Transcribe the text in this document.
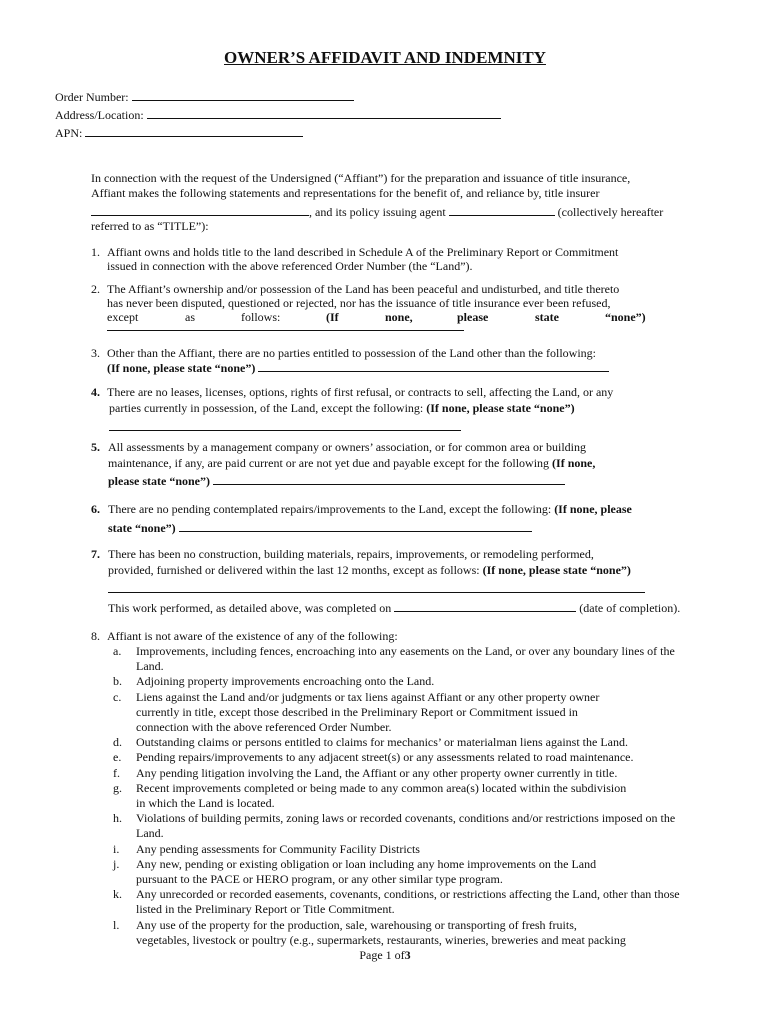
OWNER’S AFFIDAVIT AND INDEMNITY
Order Number:
Address/Location:
APN:
In connection with the request of the Undersigned (“Affiant”) for the preparation and issuance of title insurance,
Affiant makes the following statements and representations for the benefit of, and reliance by, title insurer
, and its policy issuing agent	(collectively hereafter
referred to as “TITLE”):
1. Affiant owns and holds title to the land described in Schedule A of the Preliminary Report or Commitment
issued in connection with the above referenced Order Number (the “Land”).
2. The Affiant’s ownership and/or possession of the Land has been peaceful and undisturbed, and title thereto
has never been disputed, questioned or rejected, nor has the issuance of title insurance ever been refused,
except	as	follows:	(If	none,	please	state	“none”)
3. Other than the Affiant, there are no parties entitled to possession of the Land other than the following:
(If none, please state “none”)
4. There are no leases, licenses, options, rights of first refusal, or contracts to sell, affecting the Land, or any
parties currently in possession, of the Land, except the following: (If none, please state “none”)
5. All assessments by a management company or owners’ association, or for common area or building
maintenance, if any, are paid current or are not yet due and payable except for the following (If none,
please state “none”)
6. There are no pending contemplated repairs/improvements to the Land, except the following: (If none, please
state “none”)
7. There has been no construction, building materials, repairs, improvements, or remodeling performed,
provided, furnished or delivered within the last 12 months, except as follows: (If none, please state “none”)
This work performed, as detailed above, was completed on	(date of completion).
8. Affiant is not aware of the existence of any of the following:
a. Improvements, including fences, encroaching into any easements on the Land, or over any boundary lines of the
Land.
b. Adjoining property improvements encroaching onto the Land.
c. Liens against the Land and/or judgments or tax liens against Affiant or any other property owner
currently in title, except those described in the Preliminary Report or Commitment issued in
connection with the above referenced Order Number.
d. Outstanding claims or persons entitled to claims for mechanics’ or materialman liens against the Land.
e. Pending repairs/improvements to any adjacent street(s) or any assessments related to road maintenance.
f. Any pending litigation involving the Land, the Affiant or any other property owner currently in title.
g. Recent improvements completed or being made to any common area(s) located within the subdivision
in which the Land is located.
h. Violations of building permits, zoning laws or recorded covenants, conditions and/or restrictions imposed on the
Land.
i. Any pending assessments for Community Facility Districts
j. Any new, pending or existing obligation or loan including any home improvements on the Land
pursuant to the PACE or HERO program, or any other similar type program.
k. Any unrecorded or recorded easements, covenants, conditions, or restrictions affecting the Land, other than those
listed in the Preliminary Report or Title Commitment.
l. Any use of the property for the production, sale, warehousing or transporting of fresh fruits,
vegetables, livestock or poultry (e.g., supermarkets, restaurants, wineries, breweries and meat packing
Page 1 of3
